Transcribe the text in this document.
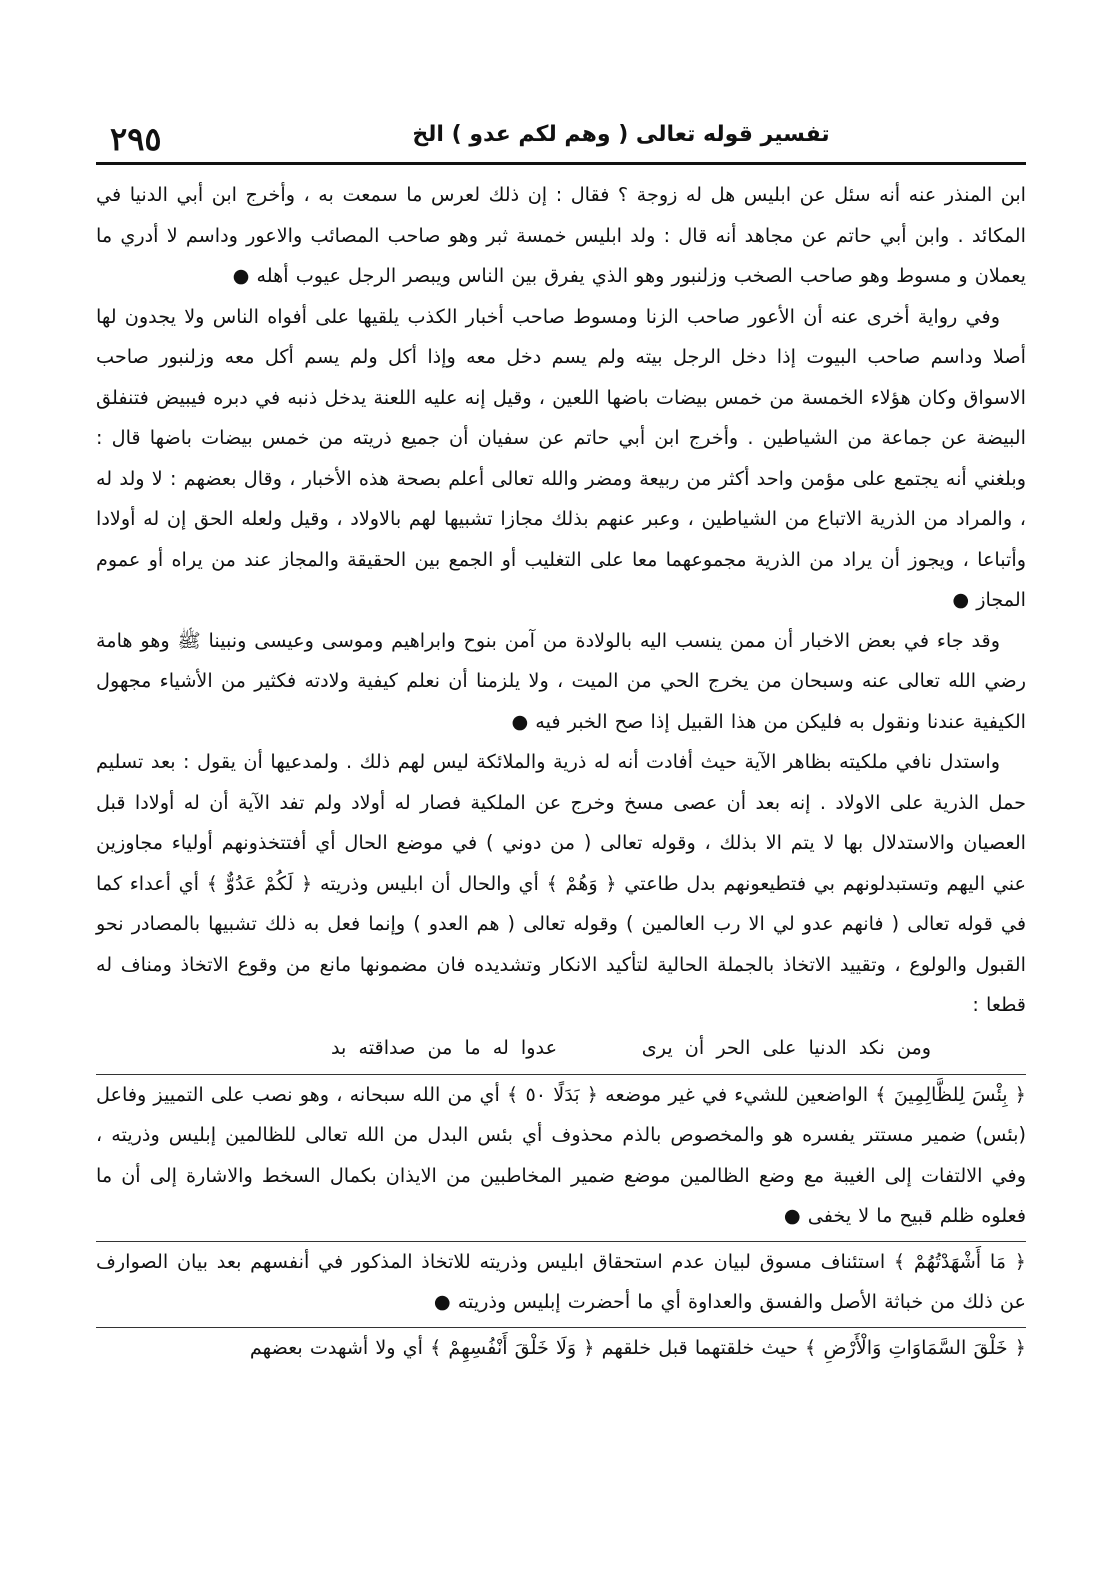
تفسير قوله تعالى ( وهم لكم عدو ) الخ
٢٩٥

ابن المنذر عنه أنه سئل عن ابليس هل له زوجة ؟ فقال : إن ذلك لعرس ما سمعت به ، وأخرج ابن أبي الدنيا في المكائد . وابن أبي حاتم عن مجاهد أنه قال : ولد ابليس خمسة ثبر وهو صاحب المصائب والاعور وداسم لا أدري ما يعملان و مسوط وهو صاحب الصخب وزلنبور وهو الذي يفرق بين الناس ويبصر الرجل عيوب أهله ●

وفي رواية أخرى عنه أن الأعور صاحب الزنا ومسوط صاحب أخبار الكذب يلقيها على أفواه الناس ولا يجدون لها أصلا وداسم صاحب البيوت إذا دخل الرجل بيته ولم يسم دخل معه وإذا أكل ولم يسم أكل معه وزلنبور صاحب الاسواق وكان هؤلاء الخمسة من خمس بيضات باضها اللعين ، وقيل إنه عليه اللعنة يدخل ذنبه في دبره فيبيض فتنفلق البيضة عن جماعة من الشياطين . وأخرج ابن أبي حاتم عن سفيان أن جميع ذريته من خمس بيضات باضها قال : وبلغني أنه يجتمع على مؤمن واحد أكثر من ربيعة ومضر والله تعالى أعلم بصحة هذه الأخبار ، وقال بعضهم : لا ولد له ، والمراد من الذرية الاتباع من الشياطين ، وعبر عنهم بذلك مجازا تشبيها لهم بالاولاد ، وقيل ولعله الحق إن له أولادا وأتباعا ، ويجوز أن يراد من الذرية مجموعهما معا على التغليب أو الجمع بين الحقيقة والمجاز عند من يراه أو عموم المجاز ●

وقد جاء في بعض الاخبار أن ممن ينسب اليه بالولادة من آمن بنوح وابراهيم وموسى وعيسى ونبينا ﷺ وهو هامة رضي الله تعالى عنه وسبحان من يخرج الحي من الميت ، ولا يلزمنا أن نعلم كيفية ولادته فكثير من الأشياء مجهول الكيفية عندنا ونقول به فليكن من هذا القبيل إذا صح الخبر فيه ●

واستدل نافي ملكيته بظاهر الآية حيث أفادت أنه له ذرية والملائكة ليس لهم ذلك . ولمدعيها أن يقول : بعد تسليم حمل الذرية على الاولاد . إنه بعد أن عصى مسخ وخرج عن الملكية فصار له أولاد ولم تفد الآية أن له أولادا قبل العصيان والاستدلال بها لا يتم الا بذلك ، وقوله تعالى ( من دوني ) في موضع الحال أي أفتتخذونهم أولياء مجاوزين عني اليهم وتستبدلونهم بي فتطيعونهم بدل طاعتي ﴿ وَهُمْ ﴾ أي والحال أن ابليس وذريته ﴿ لَكُمْ عَدُوٌّ ﴾ أي أعداء كما في قوله تعالى ( فانهم عدو لي الا رب العالمين ) وقوله تعالى ( هم العدو ) وإنما فعل به ذلك تشبيها بالمصادر نحو القبول والولوع ، وتقييد الاتخاذ بالجملة الحالية لتأكيد الانكار وتشديده فان مضمونها مانع من وقوع الاتخاذ ومناف له قطعا :

ومن نكد الدنيا على الحر أن يرى       عدوا له ما من صداقته بد

﴿ بِئْسَ لِلظَّالِمِينَ ﴾ الواضعين للشيء في غير موضعه ﴿ بَدَلًا ٥٠ ﴾ أي من الله سبحانه ، وهو نصب على التمييز وفاعل (بئس) ضمير مستتر يفسره هو والمخصوص بالذم محذوف أي بئس البدل من الله تعالى للظالمين إبليس وذريته ، وفي الالتفات إلى الغيبة مع وضع الظالمين موضع ضمير المخاطبين من الايذان بكمال السخط والاشارة إلى أن ما فعلوه ظلم قبيح ما لا يخفى ●

﴿ مَا أَشْهَدْتُهُمْ ﴾ استئناف مسوق لبيان عدم استحقاق ابليس وذريته للاتخاذ المذكور في أنفسهم بعد بيان الصوارف عن ذلك من خباثة الأصل والفسق والعداوة أي ما أحضرت إبليس وذريته ●

﴿ خَلْقَ السَّمَاوَاتِ وَالْأَرْضِ ﴾ حيث خلقتهما قبل خلقهم ﴿ وَلَا خَلْقَ أَنْفُسِهِمْ ﴾ أي ولا أشهدت بعضهم
